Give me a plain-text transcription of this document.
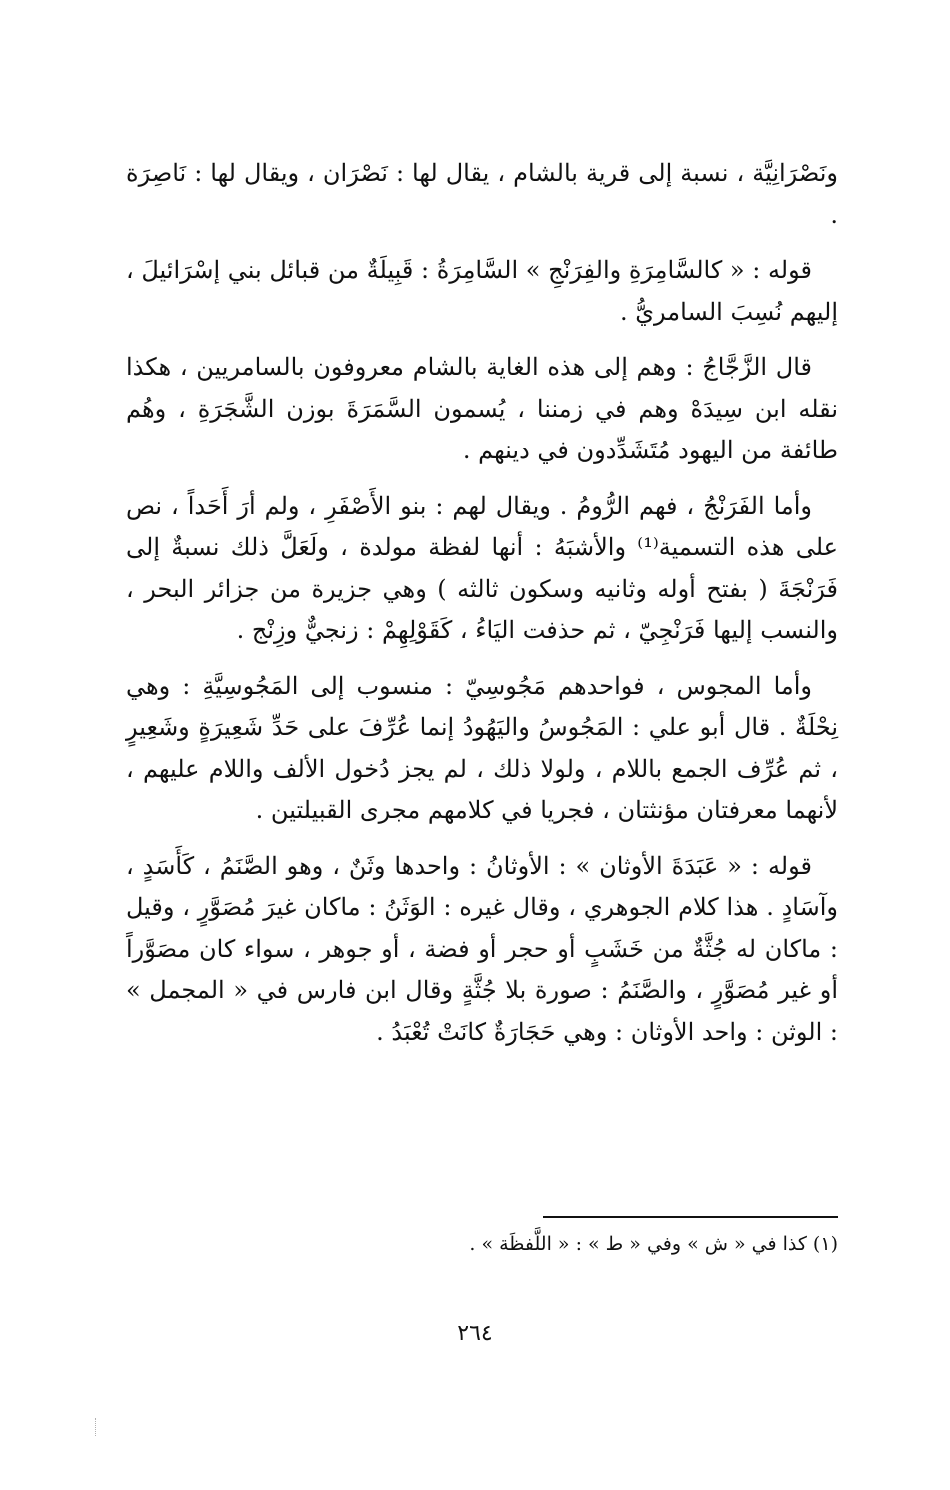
ونَصْرَانِيَّة ، نسبة إلى قرية بالشام ، يقال لها : نَصْرَان ، ويقال لها : نَاصِرَة .

قوله : « كالسَّامِرَةِ والفِرَنْجِ » السَّامِرَةُ : قَبِيلَةٌ من قبائل بني إسْرَائيلَ ، إليهم نُسِبَ السامريُّ .

قال الزَّجَّاجُ : وهم إلى هذه الغاية بالشام معروفون بالسامريين ، هكذا نقله ابن سِيدَهْ وهم في زمننا ، يُسمون السَّمَرَةَ بوزن الشَّجَرَةِ ، وهُم طائفة من اليهود مُتَشَدِّدون في دينهم .

وأما الفَرَنْجُ ، فهم الرُّومُ . ويقال لهم : بنو الأَصْفَرِ ، ولم أرَ أَحَداً ، نص على هذه التسمية⁽¹⁾ والأشبَهُ : أنها لفظة مولدة ، ولَعَلَّ ذلك نسبةٌ إلى فَرَنْجَةَ ( بفتح أوله وثانيه وسكون ثالثه ) وهي جزيرة من جزائر البحر ، والنسب إليها فَرَنْجِيّ ، ثم حذفت اليَاءُ ، كَقَوْلِهِمْ : زنجيٌّ وزِنْج .

وأما المجوس ، فواحدهم مَجُوسِيّ : منسوب إلى المَجُوسِيَّةِ : وهي نِحْلَةٌ . قال أبو علي : المَجُوسُ واليَهُودُ إنما عُرِّفَ على حَدِّ شَعِيرَةٍ وشَعِيرٍ ، ثم عُرِّف الجمع باللام ، ولولا ذلك ، لم يجز دُخول الألف واللام عليهم ، لأنهما معرفتان مؤنثتان ، فجريا في كلامهم مجرى القبيلتين .

قوله : « عَبَدَةَ الأوثان » : الأوثانُ : واحدها وثَنٌ ، وهو الصَّنَمُ ، كَأَسَدٍ ، وآسَادٍ . هذا كلام الجوهري ، وقال غيره : الوَثَنُ : ماكان غيرَ مُصَوَّرٍ ، وقيل : ماكان له جُثَّةٌ من خَشَبٍ أو حجر أو فضة ، أو جوهر ، سواء كان مصَوَّراً أو غير مُصَوَّرٍ ، والصَّنَمُ : صورة بلا جُثَّةٍ وقال ابن فارس في « المجمل » : الوثن : واحد الأوثان : وهي حَجَارَةٌ كانَتْ تُعْبَدُ .

(١) كذا في « ش » وفي « ط » : « اللَّفظَة » .
٢٦٤
